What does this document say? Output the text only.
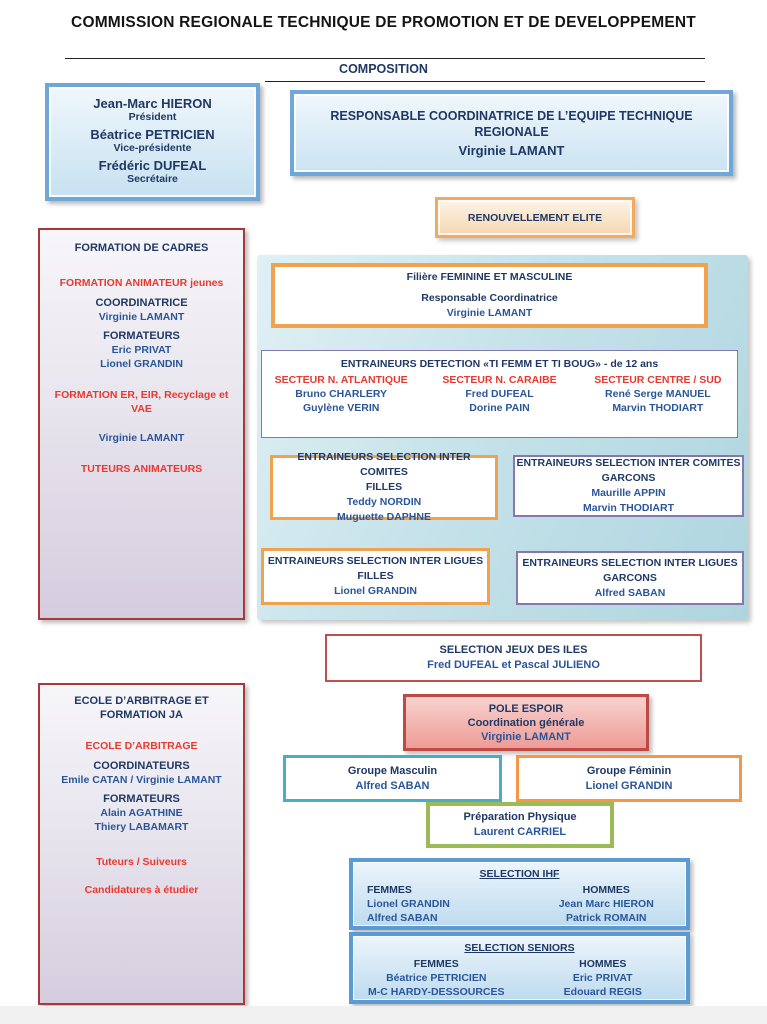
COMMISSION REGIONALE TECHNIQUE DE PROMOTION ET DE DEVELOPPEMENT
COMPOSITION
Jean-Marc HIERON
Président
Béatrice PETRICIEN
Vice-présidente
Frédéric DUFEAL
Secrétaire
RESPONSABLE COORDINATRICE DE L’EQUIPE TECHNIQUE REGIONALE
Virginie LAMANT
RENOUVELLEMENT ELITE
FORMATION DE CADRES
FORMATION ANIMATEUR jeunes
COORDINATRICE
Virginie LAMANT
FORMATEURS
Eric PRIVAT
Lionel GRANDIN
FORMATION ER, EIR, Recyclage et VAE
Virginie LAMANT
TUTEURS ANIMATEURS
Filière FEMININE ET MASCULINE
Responsable Coordinatrice
Virginie LAMANT
ENTRAINEURS DETECTION «TI FEMM ET TI BOUG» - de 12 ans
SECTEUR N. ATLANTIQUE
Bruno CHARLERY
Guylène VERIN
SECTEUR N. CARAIBE
Fred DUFEAL
Dorine PAIN
SECTEUR CENTRE / SUD
René Serge MANUEL
Marvin THODIART
ENTRAINEURS SELECTION INTER COMITES
FILLES
Teddy NORDIN
Muguette DAPHNE
ENTRAINEURS SELECTION INTER COMITES
GARCONS
Maurille APPIN
Marvin THODIART
ENTRAINEURS SELECTION INTER LIGUES
FILLES
Lionel GRANDIN
ENTRAINEURS SELECTION INTER LIGUES
GARCONS
Alfred SABAN
SELECTION JEUX DES ILES
Fred DUFEAL et Pascal JULIENO
POLE ESPOIR
Coordination générale
Virginie LAMANT
Groupe Masculin
Alfred SABAN
Groupe Féminin
Lionel GRANDIN
Préparation Physique
Laurent CARRIEL
SELECTION IHF
FEMMES
Lionel GRANDIN
Alfred SABAN
HOMMES
Jean Marc HIERON
Patrick ROMAIN
SELECTION SENIORS
FEMMES
Béatrice PETRICIEN
M-C HARDY-DESSOURCES
HOMMES
Eric PRIVAT
Edouard REGIS
ECOLE D’ARBITRAGE ET FORMATION JA
ECOLE D’ARBITRAGE
COORDINATEURS
Emile CATAN / Virginie LAMANT
FORMATEURS
Alain AGATHINE
Thiery LABAMART
Tuteurs / Suiveurs
Candidatures à étudier
